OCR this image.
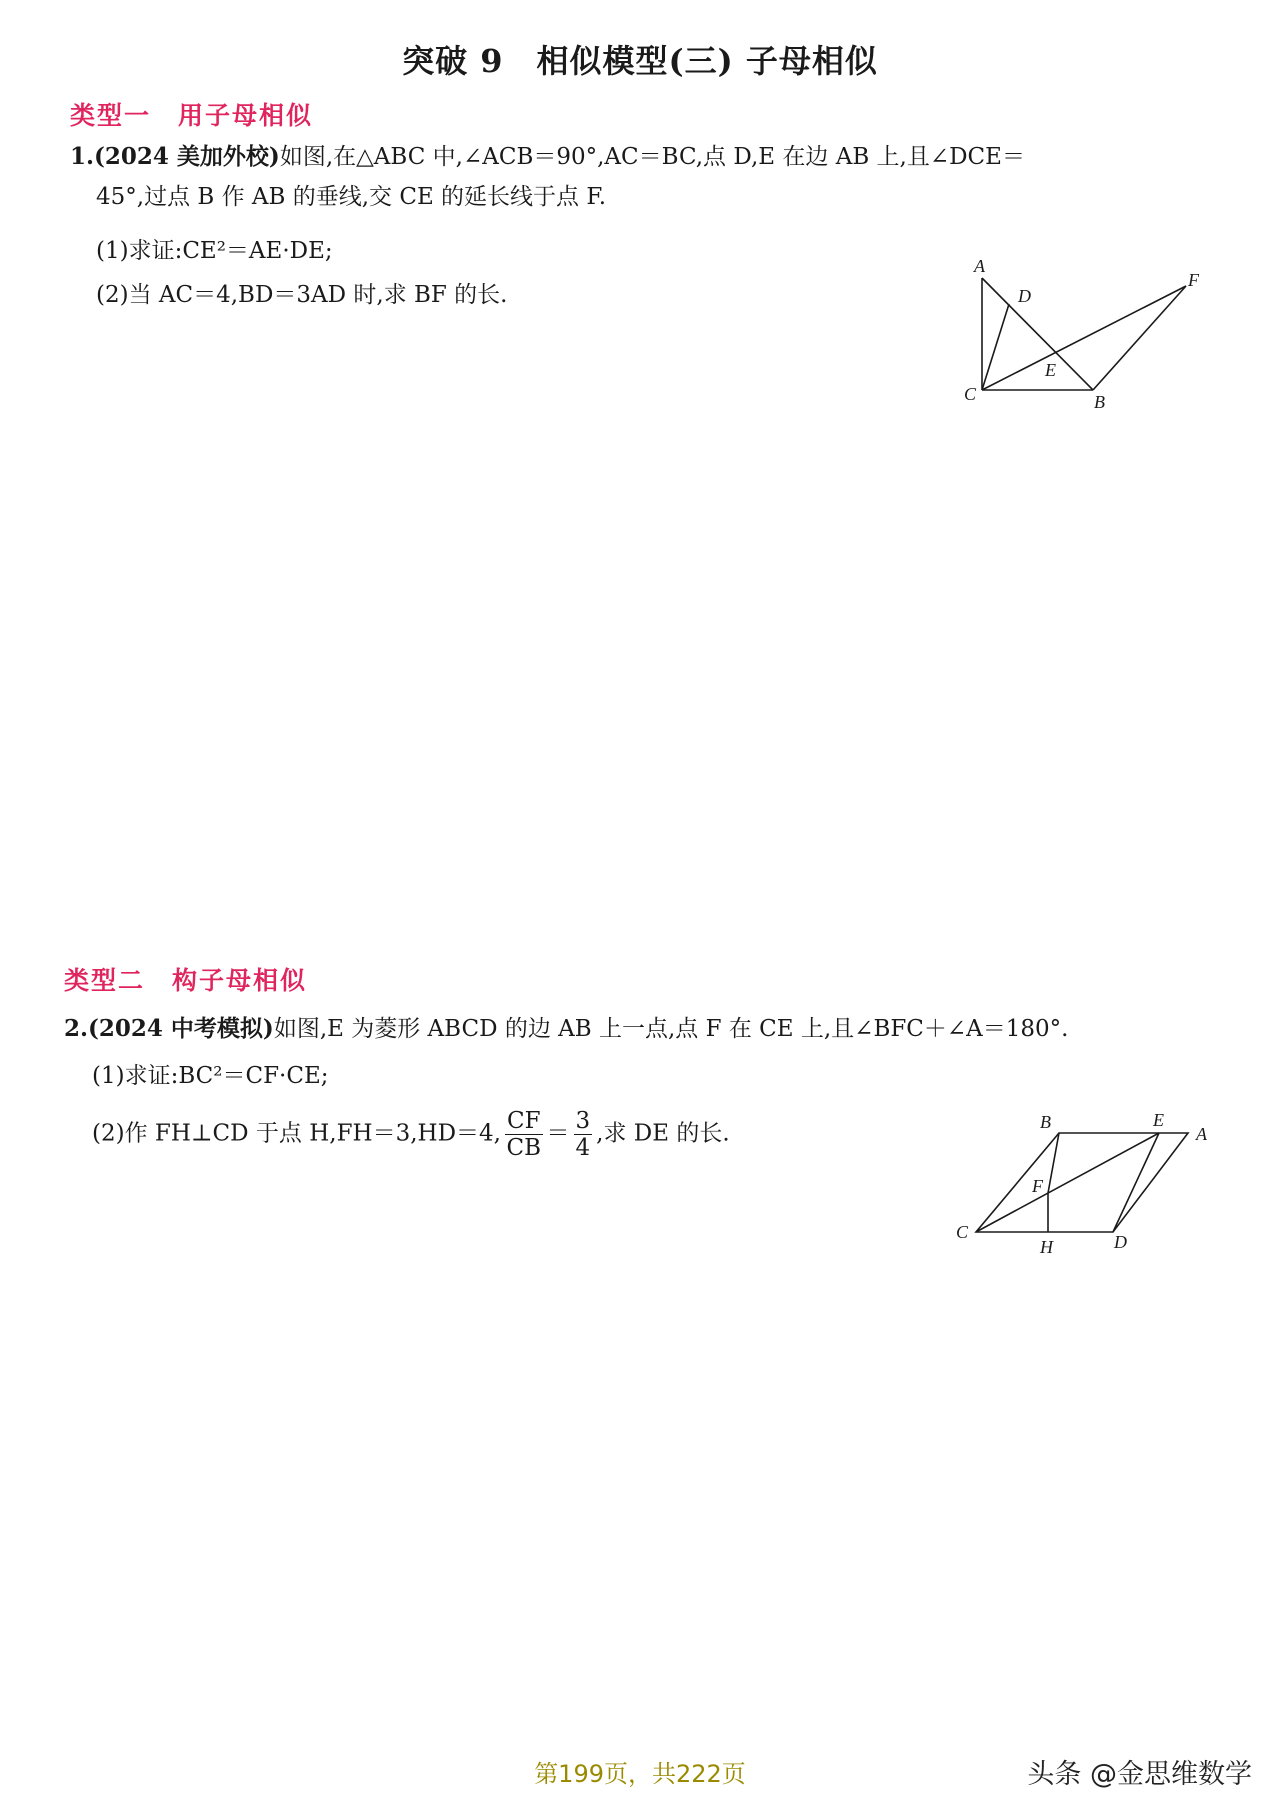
突破 9　相似模型(三) 子母相似
类型一　用子母相似
1.(2024 美加外校)如图,在△ABC 中,∠ACB＝90°,AC＝BC,点 D,E 在边 AB 上,且∠DCE＝
45°,过点 B 作 AB 的垂线,交 CE 的延长线于点 F.
(1)求证:CE²＝AE·DE;
(2)当 AC＝4,BD＝3AD 时,求 BF 的长.
A
D
F
E
C	B
类型二　构子母相似
2.(2024 中考模拟)如图,E 为菱形 ABCD 的边 AB 上一点,点 F 在 CE 上,且∠BFC＋∠A＝180°.
(1)求证:BC²＝CF·CE;
(2)作 FH⊥CD 于点 H,FH＝3,HD＝4, $\frac{CF}{CB} = \frac{3}{4}$ ,求 DE 的长.	B	E
A
F
C
H	D
第199页，共222页	头条 @金思维数学
